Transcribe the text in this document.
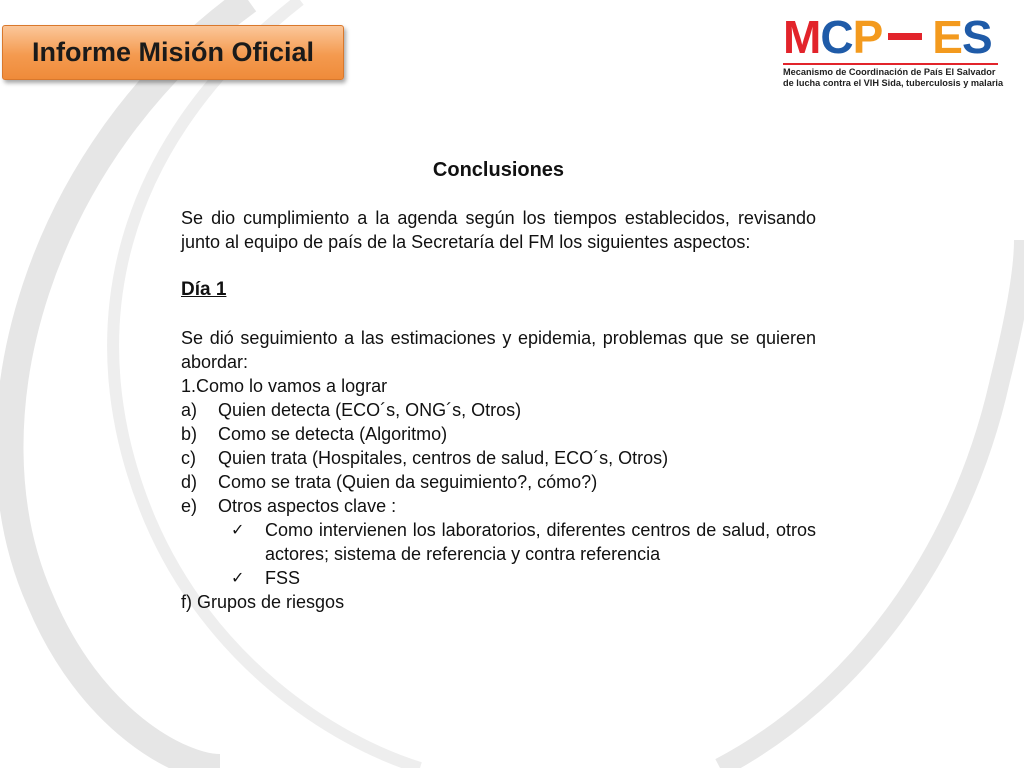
Informe Misión Oficial	M C P E S
Mecanismo de Coordinación de País El Salvador
de lucha contra el VIH Sida, tuberculosis y malaria

Conclusiones

Se dio cumplimiento a la agenda según los tiempos establecidos, revisando junto al equipo de país de la Secretaría del FM los siguientes aspectos:

Día 1

Se dió seguimiento a las estimaciones y epidemia, problemas que se quieren abordar:

1.Como lo vamos a lograr

a)	Quien detecta (ECO´s, ONG´s, Otros)
b)	Como se detecta (Algoritmo)
c)	Quien trata (Hospitales, centros de salud, ECO´s, Otros)
d)	Como se trata (Quien da seguimiento?, cómo?)
e)	Otros aspectos clave :
✓	Como intervienen los laboratorios, diferentes centros de salud, otros actores; sistema de referencia y contra referencia
✓	FSS

f) Grupos de riesgos
